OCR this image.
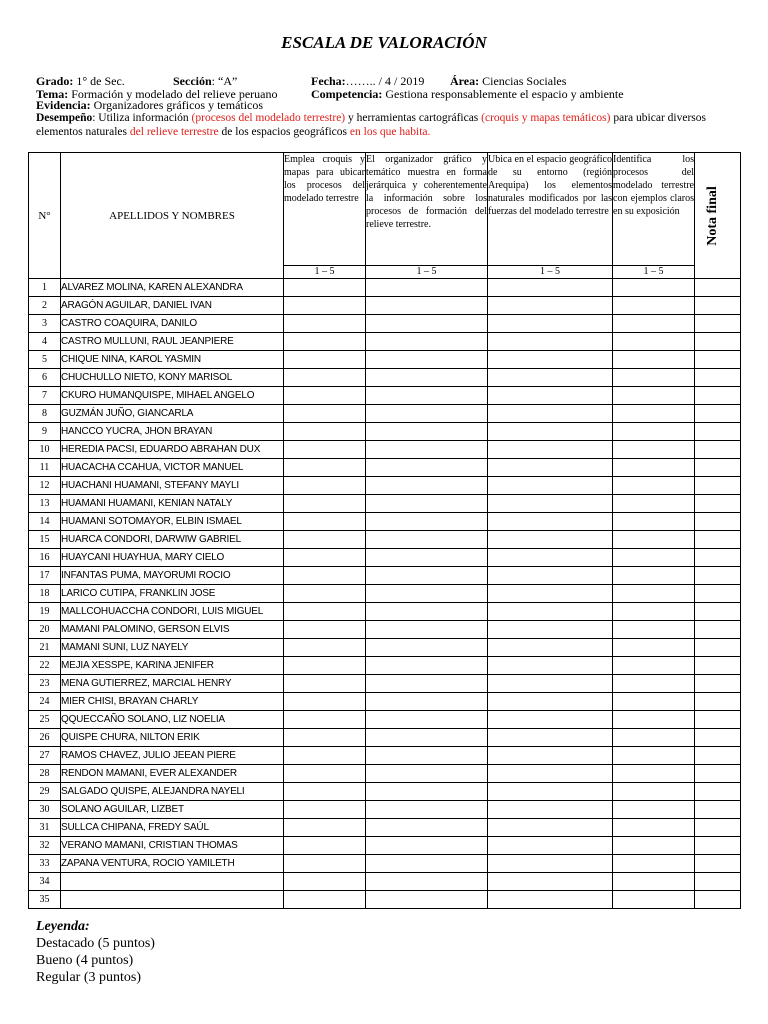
ESCALA DE VALORACIÓN
Grado: 1° de Sec.	Sección: “A”	Fecha:…….. / 4 / 2019 Área: Ciencias Sociales
Tema: Formación y modelado del relieve peruano	Competencia: Gestiona responsablemente el espacio y ambiente
Evidencia: Organizadores gráficos y temáticos
Desempeño: Utiliza información (procesos del modelado terrestre) y herramientas cartográficas (croquis y mapas temáticos) para ubicar diversos elementos naturales del relieve terrestre de los espacios geográficos en los que habita.
N°	APELLIDOS Y NOMBRES	Emplea croquis y mapas para ubicar los procesos del modelado terrestre	El organizador gráfico y temático muestra en forma jerárquica y coherentemente la información sobre los procesos de formación del relieve terrestre.	Ubica en el espacio geográfico de su entorno (región Arequipa) los elementos naturales modificados por las fuerzas del modelado terrestre	Identifica los procesos del modelado terrestre con ejemplos claros en su exposición	Nota final

		1 – 5	1 – 5	1 – 5	1 – 5	
1	ALVAREZ MOLINA, KAREN ALEXANDRA					
2	ARAGÓN AGUILAR, DANIEL IVAN					
3	CASTRO COAQUIRA, DANILO					
4	CASTRO MULLUNI, RAUL JEANPIERE					
5	CHIQUE NINA, KAROL YASMIN					
6	CHUCHULLO NIETO, KONY MARISOL					
7	CKURO HUMANQUISPE, MIHAEL ANGELO					
8	GUZMÁN JUÑO, GIANCARLA					
9	HANCCO YUCRA, JHON BRAYAN					
10	HEREDIA PACSI, EDUARDO ABRAHAN DUX					
11	HUACACHA CCAHUA, VICTOR MANUEL					
12	HUACHANI HUAMANI, STEFANY MAYLI					
13	HUAMANI HUAMANI, KENIAN NATALY					
14	HUAMANI SOTOMAYOR, ELBIN ISMAEL					
15	HUARCA CONDORI, DARWIW GABRIEL					
16	HUAYCANI HUAYHUA, MARY CIELO					
17	INFANTAS PUMA, MAYORUMI ROCIO					
18	LARICO CUTIPA, FRANKLIN JOSE					
19	MALLCOHUACCHA CONDORI, LUIS MIGUEL					
20	MAMANI PALOMINO, GERSON ELVIS					
21	MAMANI SUNI, LUZ NAYELY					
22	MEJIA XESSPE, KARINA JENIFER					
23	MENA GUTIERREZ, MARCIAL HENRY					
24	MIER CHISI, BRAYAN CHARLY					
25	QQUECCAÑO SOLANO, LIZ NOELIA					
26	QUISPE CHURA, NILTON ERIK					
27	RAMOS CHAVEZ, JULIO JEEAN PIERE					
28	RENDON MAMANI, EVER ALEXANDER					
29	SALGADO QUISPE, ALEJANDRA NAYELI					
30	SOLANO AGUILAR, LIZBET					
31	SULLCA CHIPANA, FREDY SAÚL					
32	VERANO MAMANI, CRISTIAN THOMAS					
33	ZAPANA VENTURA, ROCIO YAMILETH					
34						
35						
Leyenda:
Destacado (5 puntos)
Bueno (4 puntos)
Regular (3 puntos)
